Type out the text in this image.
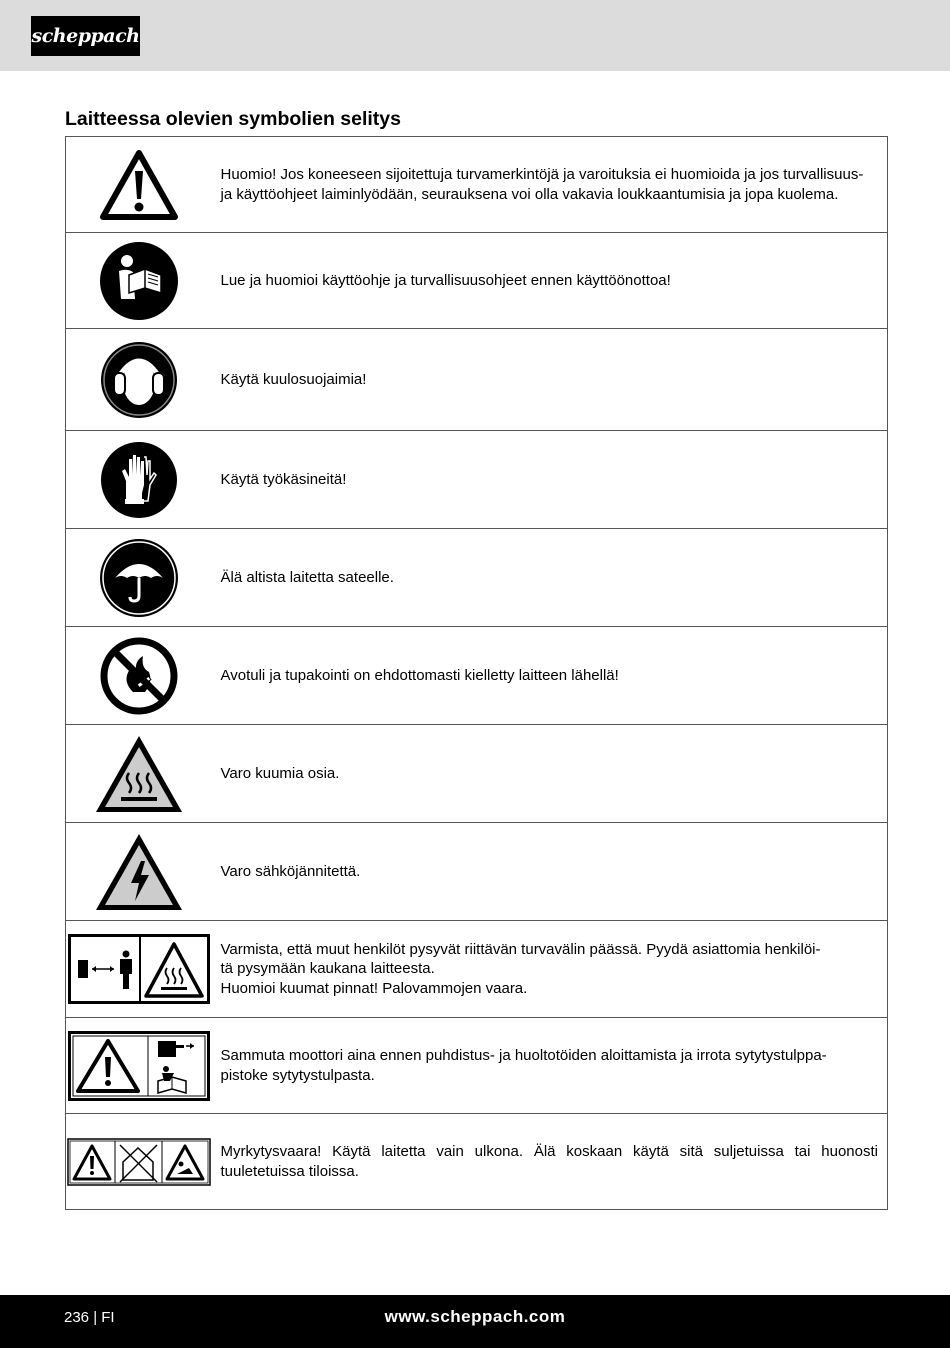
scheppach
Laitteessa olevien symbolien selitys
	Huomio! Jos koneeseen sijoitettuja turvamerkintöjä ja varoituksia ei huomioida ja jos turvallisuus- ja käyttöohjeet laiminlyödään, seurauksena voi olla vakavia loukkaantumisia ja jopa kuolema.

	Lue ja huomioi käyttöohje ja turvallisuusohjeet ennen käyttöönottoa!

	Käytä kuulosuojaimia!

	Käytä työkäsineitä!

	Älä altista laitetta sateelle.

	Avotuli ja tupakointi on ehdottomasti kielletty laitteen lähellä!

	Varo kuumia osia.

	Varo sähköjännitettä.

	Varmista, että muut henkilöt pysyvät riittävän turvavälin päässä. Pyydä asiattomia henkilöi-
tä pysymään kaukana laitteesta.
Huomioi kuumat pinnat! Palovammojen vaara.

	Sammuta moottori aina ennen puhdistus- ja huoltotöiden aloittamista ja irrota sytytystulppa-
pistoke sytytystulpasta.

	Myrkytysvaara! Käytä laitetta vain ulkona. Älä koskaan käytä sitä suljetuissa tai huonosti tuuletetuissa tiloissa.
236 | FI	www.scheppach.com
